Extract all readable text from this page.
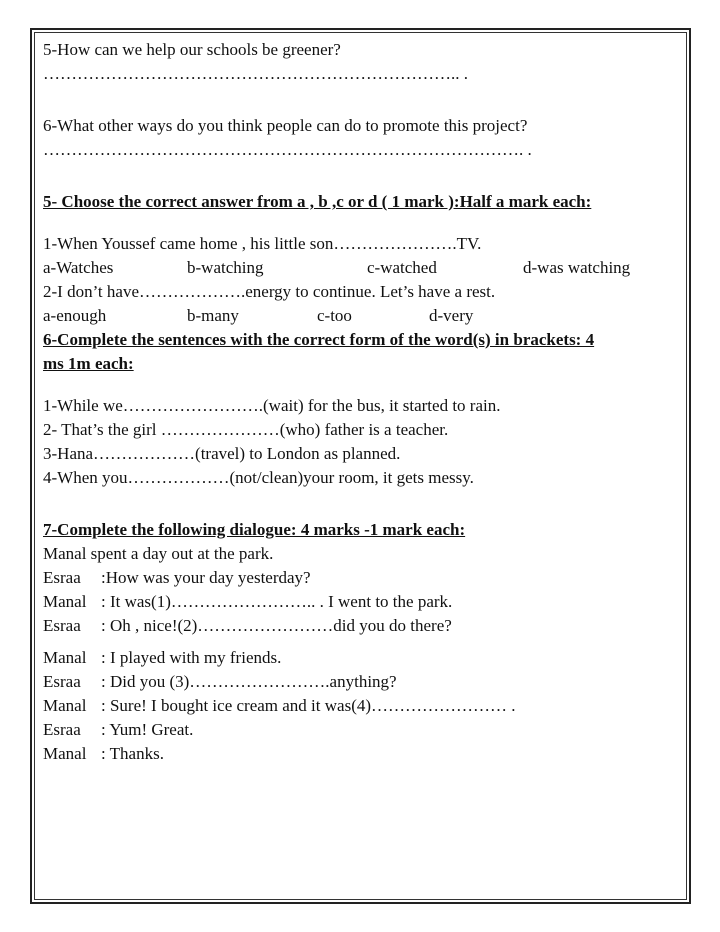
5-How can we help our schools be greener?

……………………………………………………………….. .

6-What other ways do you think people can do to promote this project?

…………………………………………………………………………. .

5- Choose the correct answer from a , b ,c or d ( 1 mark ):Half a mark each:

1-When Youssef came home , his little son………………….TV.

a-Watches	b-watching	c-watched	d-was watching

2-I don’t have……………….energy to continue. Let’s have a rest.

a-enough	b-many	c-too	d-very

6-Complete the sentences with the correct form of the word(s) in brackets: 4

ms 1m each:

1-While we…………………….(wait) for the bus, it started to rain.

2- That’s the girl …………………(who) father is a teacher.

3-Hana………………(travel) to London as planned.

4-When you………………(not/clean)your room, it gets messy.

7-Complete the following dialogue: 4 marks -1 mark each:

Manal spent a day out at the park.

Esraa	:How was your day yesterday?
Manal : It was(1)…………………….. . I went to the park.
Esraa	: Oh , nice!(2)……………………did you do there?
Manal : I played with my friends.
Esraa	: Did you (3)…………………….anything?
Manal : Sure! I bought ice cream and it was(4)…………………… .
Esraa	: Yum! Great.
Manal : Thanks.
